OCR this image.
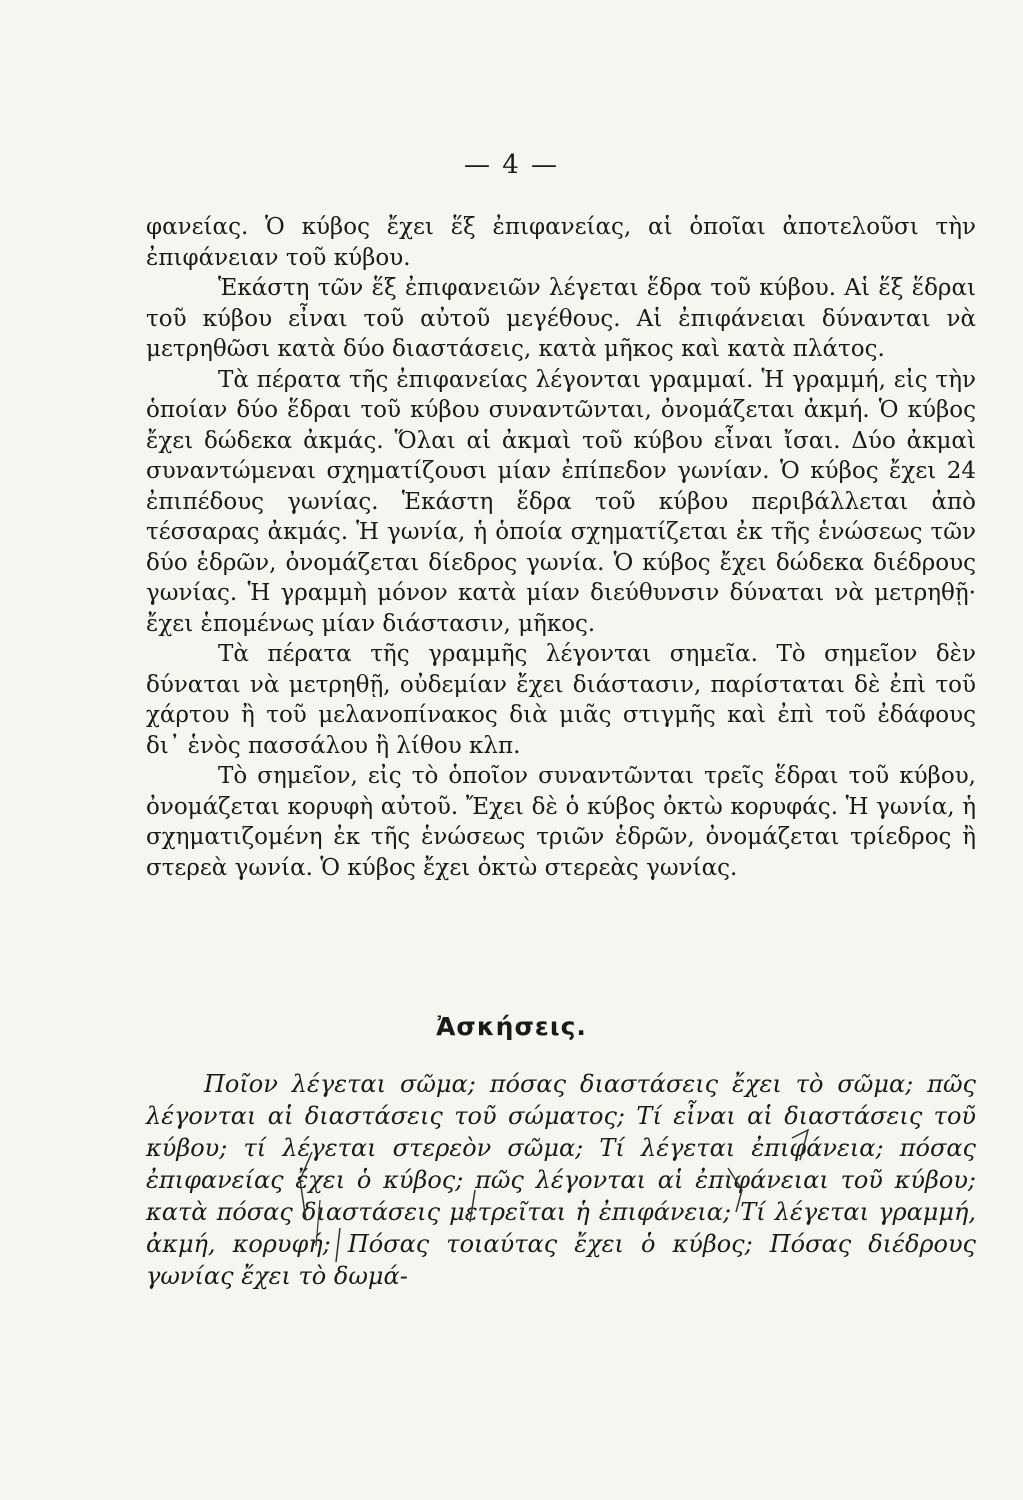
— 4 —

φανείας. Ὁ κύβος ἔχει ἕξ ἐπιφανείας, αἱ ὁποῖαι ἀποτελοῦσι τὴν ἐπιφάνειαν τοῦ κύβου.

Ἑκάστη τῶν ἕξ ἐπιφανειῶν λέγεται ἕδρα τοῦ κύβου. Αἱ ἕξ ἕδραι τοῦ κύβου εἶναι τοῦ αὐτοῦ μεγέθους. Αἱ ἐπιφάνειαι δύνανται νὰ μετρηθῶσι κατὰ δύο διαστάσεις, κατὰ μῆκος καὶ κατὰ πλάτος.

Τὰ πέρατα τῆς ἐπιφανείας λέγονται γραμμαί. Ἡ γραμμή, εἰς τὴν ὁποίαν δύο ἕδραι τοῦ κύβου συναντῶνται, ὀνομάζεται ἀκμή. Ὁ κύβος ἔχει δώδεκα ἀκμάς. Ὅλαι αἱ ἀκμαὶ τοῦ κύβου εἶναι ἴσαι. Δύο ἀκμαὶ συναντώμεναι σχηματίζουσι μίαν ἐπίπεδον γωνίαν. Ὁ κύβος ἔχει 24 ἐπιπέδους γωνίας. Ἑκάστη ἕδρα τοῦ κύβου περιβάλλεται ἀπὸ τέσσαρας ἀκμάς. Ἡ γωνία, ἡ ὁποία σχηματίζεται ἐκ τῆς ἑνώσεως τῶν δύο ἑδρῶν, ὀνομάζεται δίεδρος γωνία. Ὁ κύβος ἔχει δώδεκα διέδρους γωνίας. Ἡ γραμμὴ μόνον κατὰ μίαν διεύθυνσιν δύναται νὰ μετρηθῇ· ἔχει ἑπομένως μίαν διάστασιν, μῆκος.

Τὰ πέρατα τῆς γραμμῆς λέγονται σημεῖα. Τὸ σημεῖον δὲν δύναται νὰ μετρηθῇ, οὐδεμίαν ἔχει διάστασιν, παρίσταται δὲ ἐπὶ τοῦ χάρτου ἢ τοῦ μελανοπίνακος διὰ μιᾶς στιγμῆς καὶ ἐπὶ τοῦ ἐδάφους δι᾽ ἑνὸς πασσάλου ἢ λίθου κλπ.

Τὸ σημεῖον, εἰς τὸ ὁποῖον συναντῶνται τρεῖς ἕδραι τοῦ κύβου, ὀνομάζεται κορυφὴ αὐτοῦ. Ἔχει δὲ ὁ κύβος ὀκτὼ κορυφάς. Ἡ γωνία, ἡ σχηματιζομένη ἐκ τῆς ἑνώσεως τριῶν ἑδρῶν, ὀνομάζεται τρίεδρος ἢ στερεὰ γωνία. Ὁ κύβος ἔχει ὀκτὼ στερεὰς γωνίας.

Ἀσκήσεις.

Ποῖον λέγεται σῶμα; πόσας διαστάσεις ἔχει τὸ σῶμα; πῶς λέγονται αἱ διαστάσεις τοῦ σώματος; Τί εἶναι αἱ διαστάσεις τοῦ κύβου; τί λέγεται στερεὸν σῶμα; Τί λέγεται ἐπιφάνεια; πόσας ἐπιφανείας ἔχει ὁ κύβος; πῶς λέγονται αἱ ἐπιφάνειαι τοῦ κύβου; κατὰ πόσας διαστάσεις μετρεῖται ἡ ἐπιφάνεια; Τί λέγεται γραμμή, ἀκμή, κορυφή; Πόσας τοιαύτας ἔχει ὁ κύβος; Πόσας διέδρους γωνίας ἔχει τὸ δωμά-
